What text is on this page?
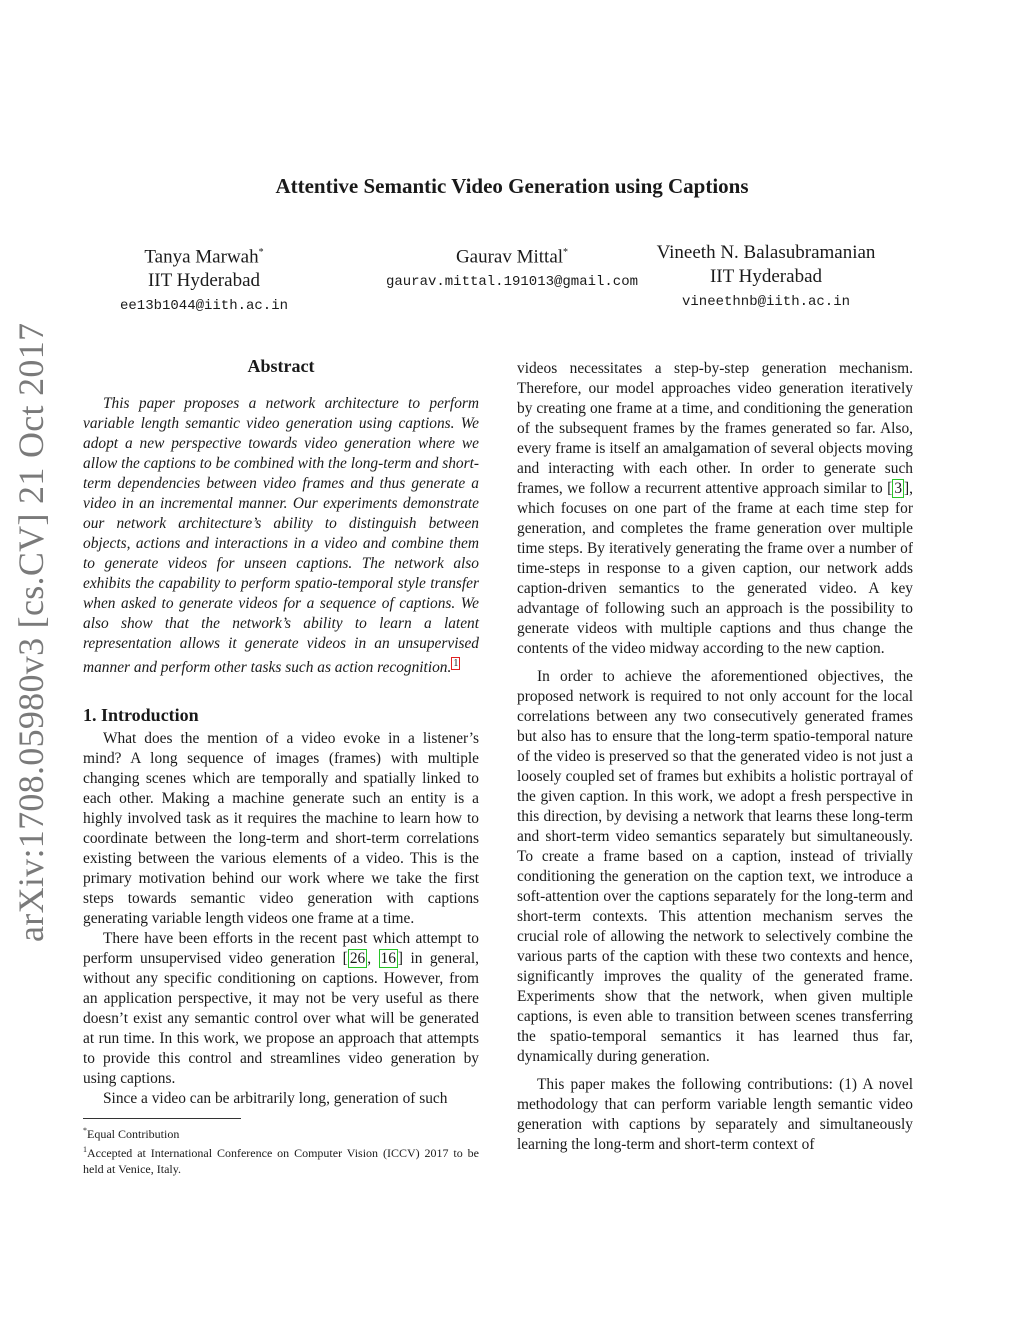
arXiv:1708.05980v3 [cs.CV] 21 Oct 2017
Attentive Semantic Video Generation using Captions
Tanya Marwah*
IIT Hyderabad
ee13b1044@iith.ac.in
Gaurav Mittal*
gaurav.mittal.191013@gmail.com
Vineeth N. Balasubramanian
IIT Hyderabad
vineethnb@iith.ac.in
Abstract

This paper proposes a network architecture to perform variable length semantic video generation using captions. We adopt a new perspective towards video generation where we allow the captions to be combined with the long-term and short-term dependencies between video frames and thus generate a video in an incremental manner. Our experiments demonstrate our network architecture’s ability to distinguish between objects, actions and interactions in a video and combine them to generate videos for unseen captions. The network also exhibits the capability to perform spatio-temporal style transfer when asked to generate videos for a sequence of captions. We also show that the network’s ability to learn a latent representation allows it generate videos in an unsupervised manner and perform other tasks such as action recognition. $^1$

1. Introduction

What does the mention of a video evoke in a listener’s mind? A long sequence of images (frames) with multiple changing scenes which are temporally and spatially linked to each other. Making a machine generate such an entity is a highly involved task as it requires the machine to learn how to coordinate between the long-term and short-term correlations existing between the various elements of a video. This is the primary motivation behind our work where we take the first steps towards semantic video generation with captions generating variable length videos one frame at a time.

There have been efforts in the recent past which attempt to perform unsupervised video generation [ 26 , 16 ] in general, without any specific conditioning on captions. However, from an application perspective, it may not be very useful as there doesn’t exist any semantic control over what will be generated at run time. In this work, we propose an approach that attempts to provide this control and streamlines video generation by using captions.

Since a video can be arbitrarily long, generation of such

*Equal Contribution

$^1$Accepted at International Conference on Computer Vision (ICCV) 2017 to be held at Venice, Italy.

videos necessitates a step-by-step generation mechanism. Therefore, our model approaches video generation iteratively by creating one frame at a time, and conditioning the generation of the subsequent frames by the frames generated so far. Also, every frame is itself an amalgamation of several objects moving and interacting with each other. In order to generate such frames, we follow a recurrent attentive approach similar to [ 3 ], which focuses on one part of the frame at each time step for generation, and completes the frame generation over multiple time steps. By iteratively generating the frame over a number of time-steps in response to a given caption, our network adds caption-driven semantics to the generated video. A key advantage of following such an approach is the possibility to generate videos with multiple captions and thus change the contents of the video midway according to the new caption.

In order to achieve the aforementioned objectives, the proposed network is required to not only account for the local correlations between any two consecutively generated frames but also has to ensure that the long-term spatio-temporal nature of the video is preserved so that the generated video is not just a loosely coupled set of frames but exhibits a holistic portrayal of the given caption. In this work, we adopt a fresh perspective in this direction, by devising a network that learns these long-term and short-term video semantics separately but simultaneously. To create a frame based on a caption, instead of trivially conditioning the generation on the caption text, we introduce a soft-attention over the captions separately for the long-term and short-term contexts. This attention mechanism serves the crucial role of allowing the network to selectively combine the various parts of the caption with these two contexts and hence, significantly improves the quality of the generated frame. Experiments show that the network, when given multiple captions, is even able to transition between scenes transferring the spatio-temporal semantics it has learned thus far, dynamically during generation.

This paper makes the following contributions: (1) A novel methodology that can perform variable length semantic video generation with captions by separately and simultaneously learning the long-term and short-term context of
